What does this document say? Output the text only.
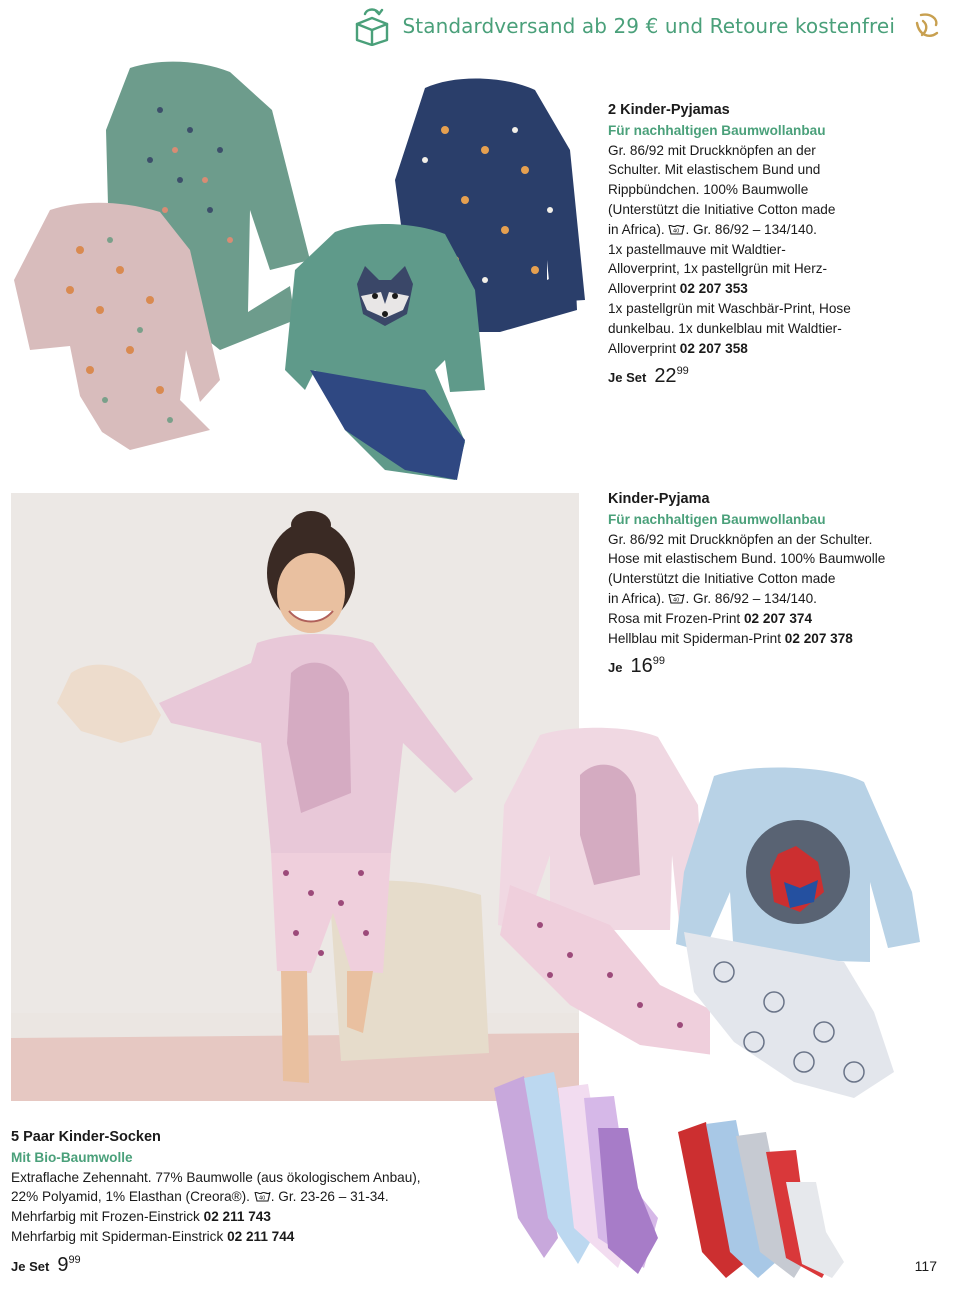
Standardversand ab 29 € und Retoure kostenfrei
2 Kinder-Pyjamas
Für nachhaltigen Baumwollanbau
Gr. 86/92 mit Druckknöpfen an der
Schulter. Mit elastischem Bund und
Rippbündchen. 100% Baumwolle
(Unterstützt die Initiative Cotton made
in Africa). 40 . Gr. 86/92 – 134/140.
1x pastellmauve mit Waldtier-
Alloverprint, 1x pastellgrün mit Herz-
Alloverprint 02 207 353
1x pastellgrün mit Waschbär-Print, Hose
dunkelbau. 1x dunkelblau mit Waldtier-
Alloverprint 02 207 358
Je Set $22^{99}$
Kinder-Pyjama
Für nachhaltigen Baumwollanbau
Gr. 86/92 mit Druckknöpfen an der Schulter.
Hose mit elastischem Bund. 100% Baumwolle
(Unterstützt die Initiative Cotton made
in Africa). 40 . Gr. 86/92 – 134/140.
Rosa mit Frozen-Print 02 207 374
Hellblau mit Spiderman-Print 02 207 378
Je $16^{99}$
5 Paar Kinder-Socken
Mit Bio-Baumwolle
Extraflache Zehennaht. 77% Baumwolle (aus ökologischem Anbau),
22% Polyamid, 1% Elasthan (Creora®). 40 . Gr. 23-26 – 31-34.
Mehrfarbig mit Frozen-Einstrick 02 211 743
Mehrfarbig mit Spiderman-Einstrick 02 211 744
Je Set $9^{99}$	117
